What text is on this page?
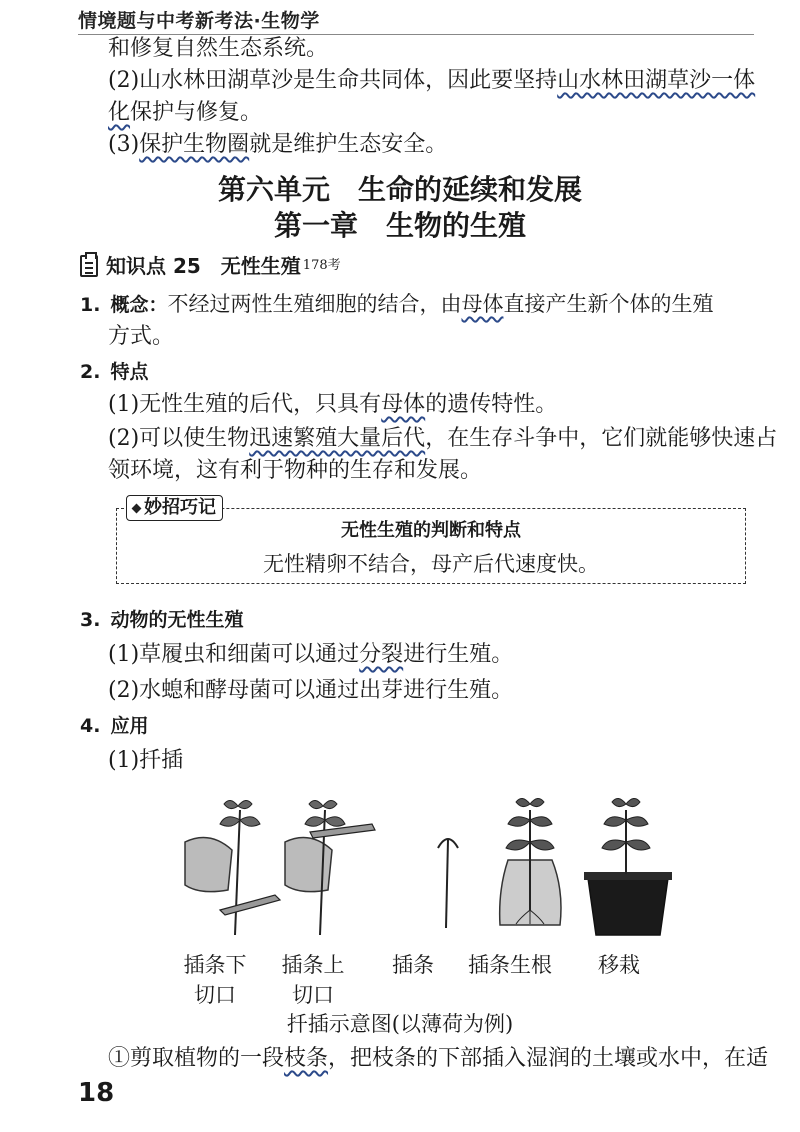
情境题与中考新考法·生物学
和修复自然生态系统。
(2)山水林田湖草沙是生命共同体，因此要坚持山水林田湖草沙一体
化保护与修复。
(3)保护生物圈就是维护生态安全。
第六单元　生命的延续和发展
第一章　生物的生殖
知识点 25　无性生殖 178考
1. 概念：不经过两性生殖细胞的结合，由母体直接产生新个体的生殖
方式。
2. 特点
(1)无性生殖的后代，只具有母体的遗传特性。
(2)可以使生物迅速繁殖大量后代，在生存斗争中，它们就能够快速占
领环境，这有利于物种的生存和发展。
妙招巧记
无性生殖的判断和特点
无性精卵不结合，母产后代速度快。
3. 动物的无性生殖
(1)草履虫和细菌可以通过分裂进行生殖。
(2)水螅和酵母菌可以通过出芽进行生殖。
4. 应用
(1)扦插
插条下
切口
插条上
切口
插条 插条生根 移栽
扦插示意图(以薄荷为例)
①剪取植物的一段枝条，把枝条的下部插入湿润的土壤或水中，在适
18
